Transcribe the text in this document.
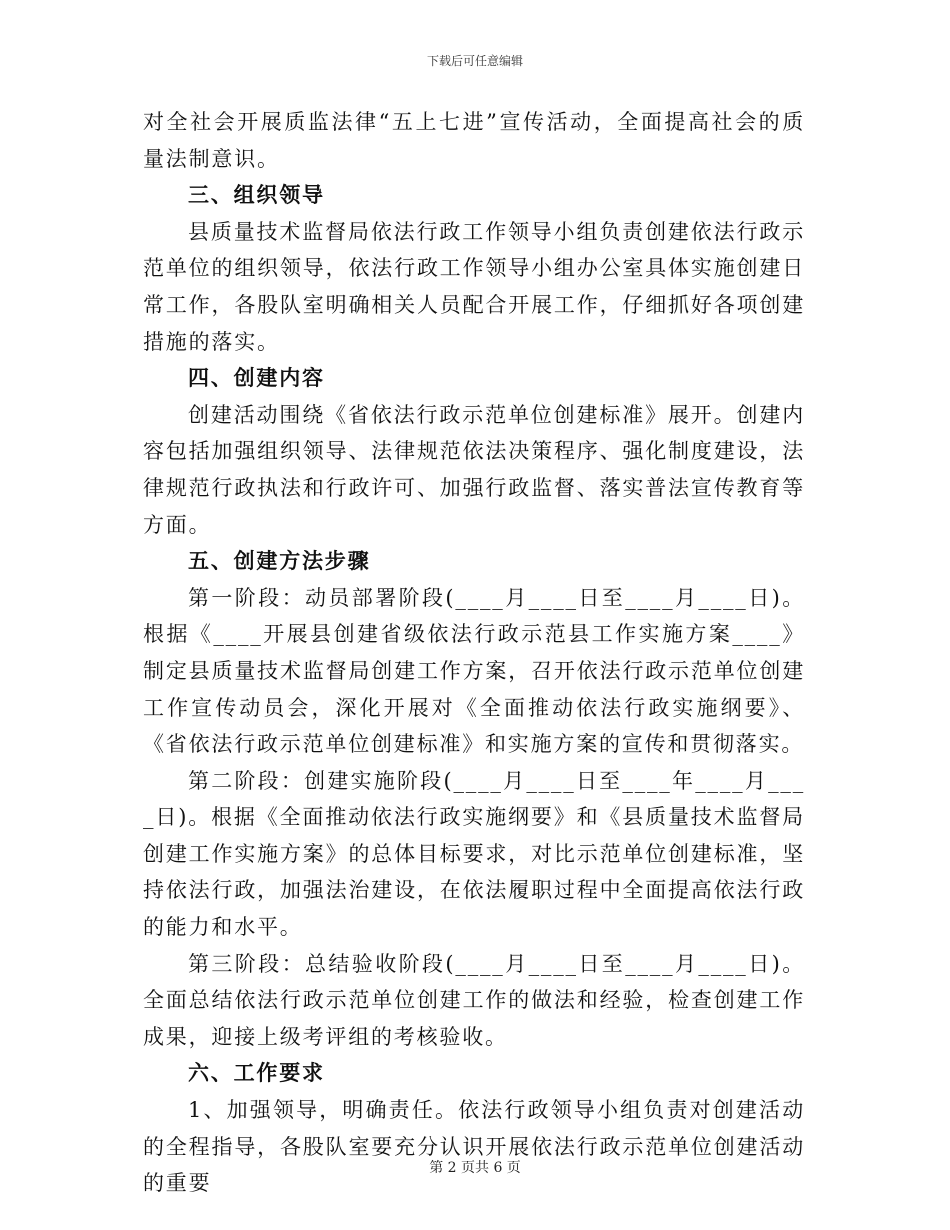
下载后可任意编辑

对全社会开展质监法律“五上七进”宣传活动，全面提高社会的质量法制意识。

三、组织领导

县质量技术监督局依法行政工作领导小组负责创建依法行政示范单位的组织领导，依法行政工作领导小组办公室具体实施创建日常工作，各股队室明确相关人员配合开展工作，仔细抓好各项创建措施的落实。

四、创建内容

创建活动围绕《省依法行政示范单位创建标准》展开。创建内容包括加强组织领导、法律规范依法决策程序、强化制度建设，法律规范行政执法和行政许可、加强行政监督、落实普法宣传教育等方面。

五、创建方法步骤

第一阶段：动员部署阶段(____月____日至____月____日)。根据《____开展县创建省级依法行政示范县工作实施方案____》制定县质量技术监督局创建工作方案，召开依法行政示范单位创建工作宣传动员会，深化开展对《全面推动依法行政实施纲要》、《省依法行政示范单位创建标准》和实施方案的宣传和贯彻落实。

第二阶段：创建实施阶段(____月____日至____年____月____日)。根据《全面推动依法行政实施纲要》和《县质量技术监督局创建工作实施方案》的总体目标要求，对比示范单位创建标准，坚持依法行政，加强法治建设，在依法履职过程中全面提高依法行政的能力和水平。

第三阶段：总结验收阶段(____月____日至____月____日)。全面总结依法行政示范单位创建工作的做法和经验，检查创建工作成果，迎接上级考评组的考核验收。

六、工作要求

1、加强领导，明确责任。依法行政领导小组负责对创建活动的全程指导，各股队室要充分认识开展依法行政示范单位创建活动的重要

第 2 页共 6 页
